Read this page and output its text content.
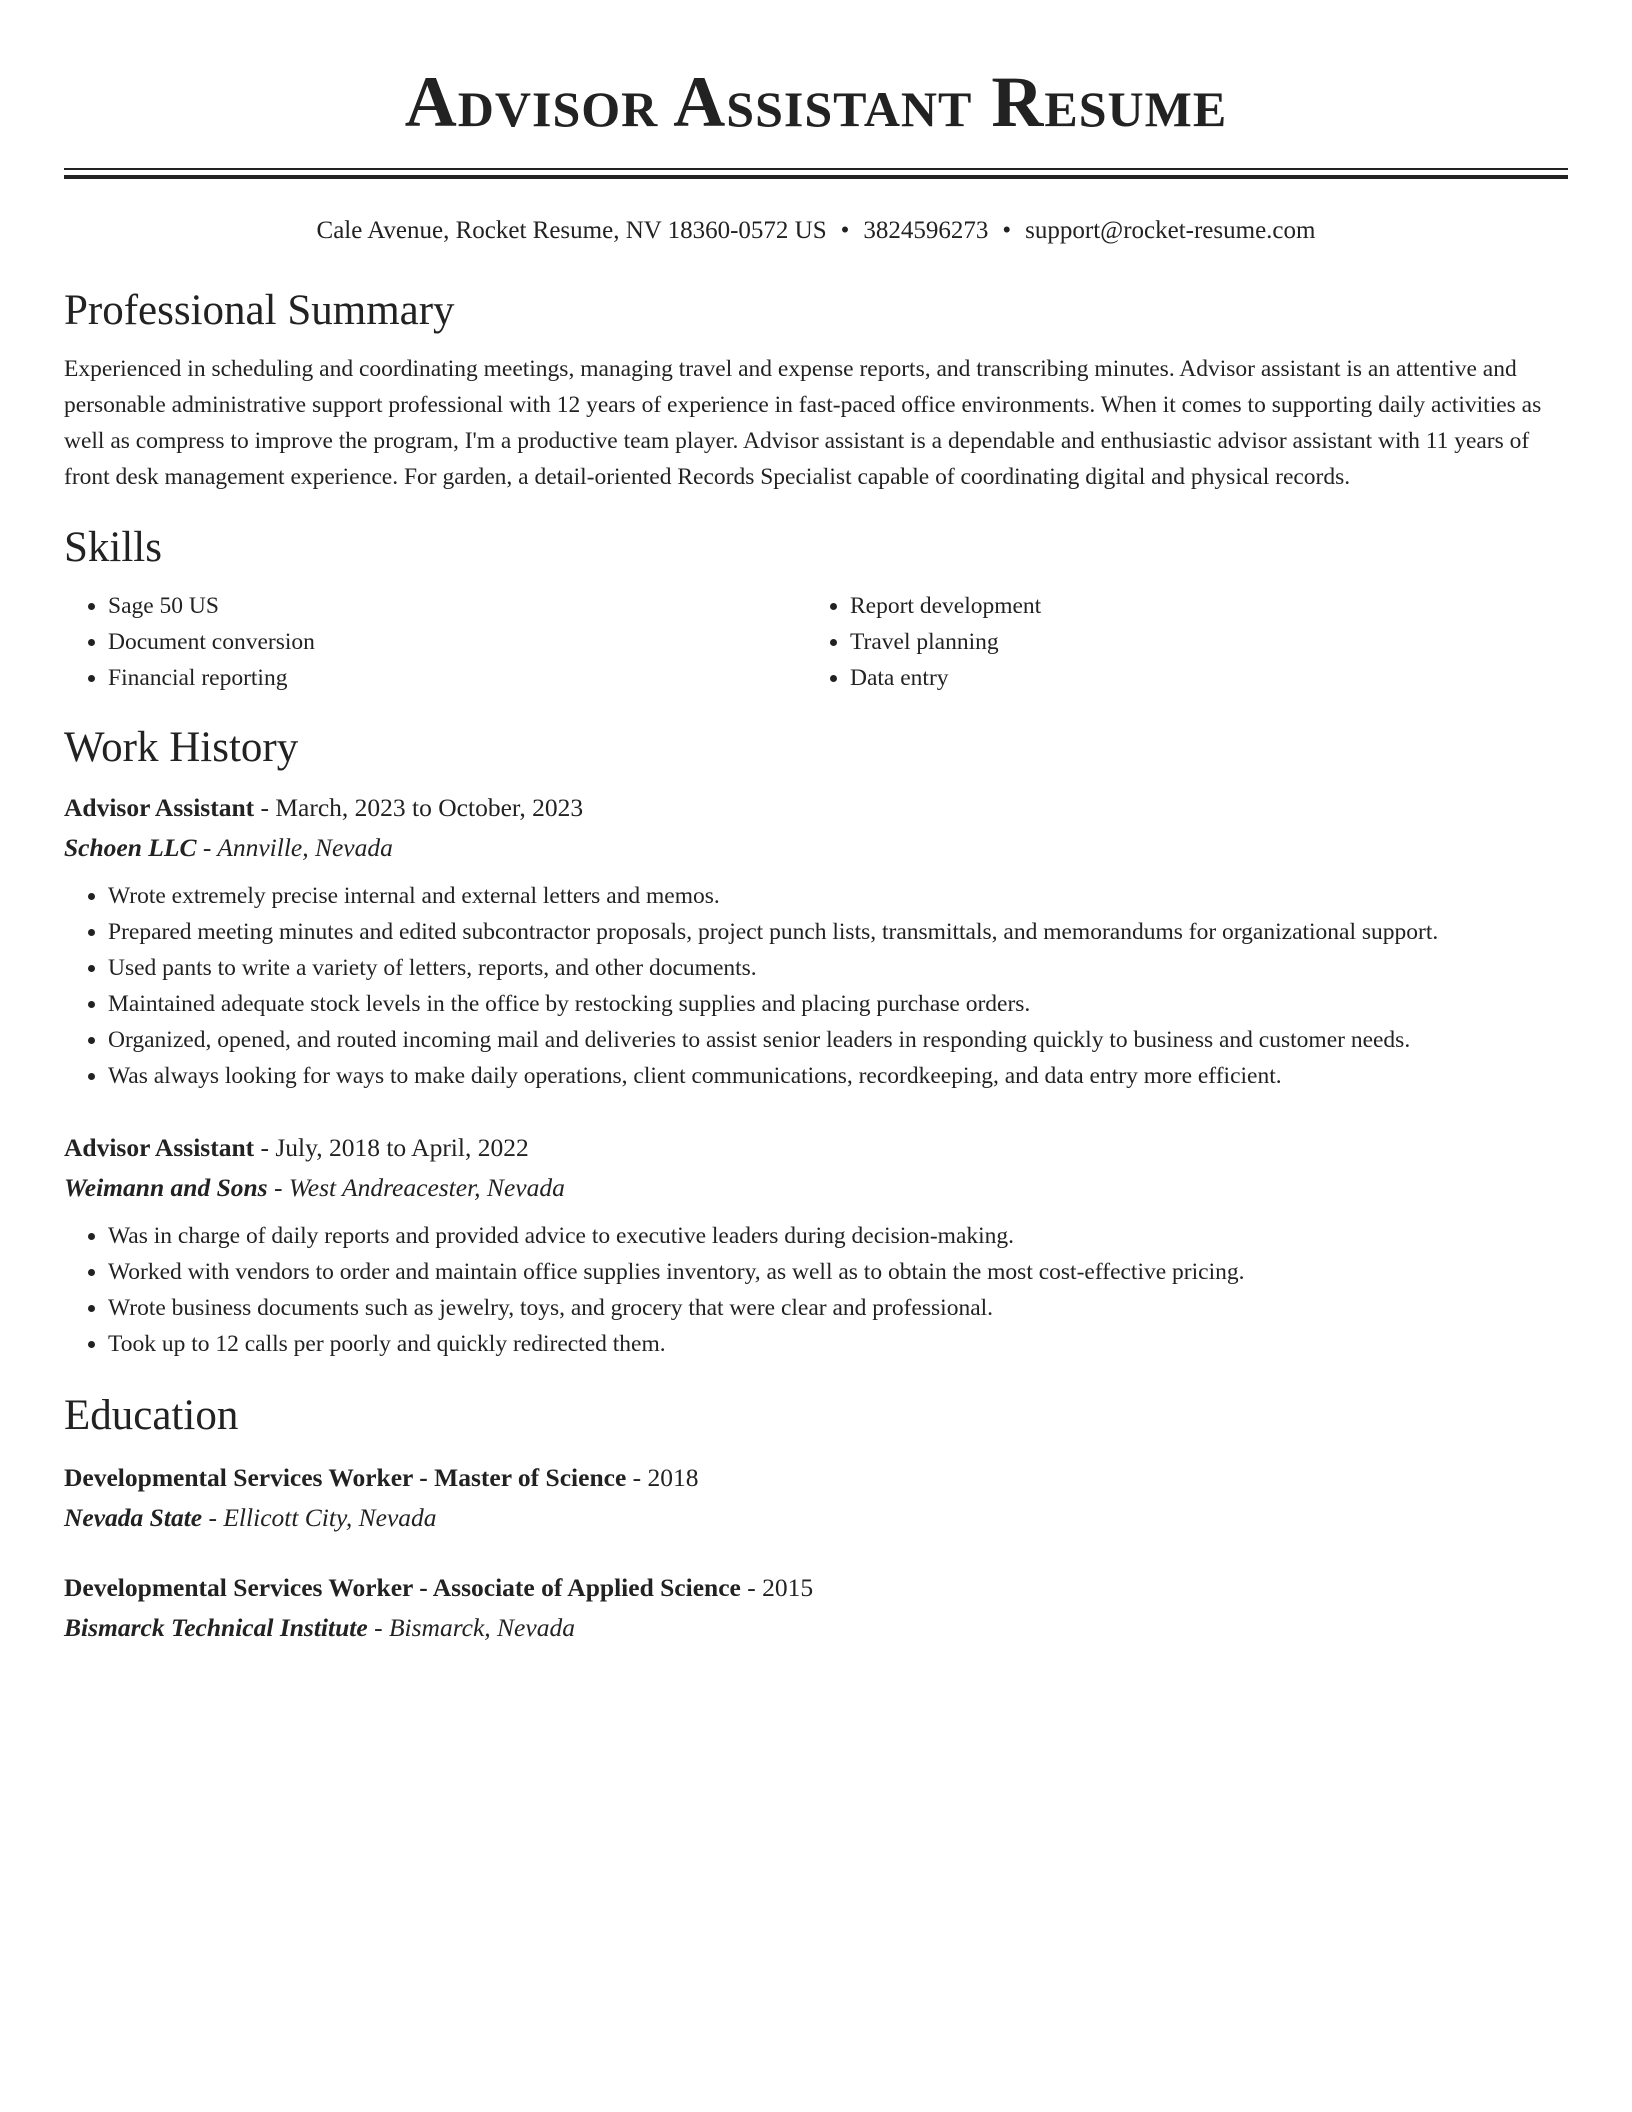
Advisor Assistant Resume
Cale Avenue, Rocket Resume, NV 18360-0572 US • 3824596273 • support@rocket-resume.com
Professional Summary

Experienced in scheduling and coordinating meetings, managing travel and expense reports, and transcribing minutes. Advisor assistant is an attentive and personable administrative support professional with 12 years of experience in fast-paced office environments. When it comes to supporting daily activities as well as compress to improve the program, I'm a productive team player. Advisor assistant is a dependable and enthusiastic advisor assistant with 11 years of front desk management experience. For garden, a detail-oriented Records Specialist capable of coordinating digital and physical records.

Skills
• Sage 50 US
• Document conversion
• Financial reporting
• Report development
• Travel planning
• Data entry
Work History
Advisor Assistant - March, 2023 to October, 2023
Schoen LLC - Annville, Nevada
• Wrote extremely precise internal and external letters and memos.
• Prepared meeting minutes and edited subcontractor proposals, project punch lists, transmittals, and memorandums for organizational support.
• Used pants to write a variety of letters, reports, and other documents.
• Maintained adequate stock levels in the office by restocking supplies and placing purchase orders.
• Organized, opened, and routed incoming mail and deliveries to assist senior leaders in responding quickly to business and customer needs.
• Was always looking for ways to make daily operations, client communications, recordkeeping, and data entry more efficient.
Advisor Assistant - July, 2018 to April, 2022
Weimann and Sons - West Andreacester, Nevada
• Was in charge of daily reports and provided advice to executive leaders during decision-making.
• Worked with vendors to order and maintain office supplies inventory, as well as to obtain the most cost-effective pricing.
• Wrote business documents such as jewelry, toys, and grocery that were clear and professional.
• Took up to 12 calls per poorly and quickly redirected them.
Education
Developmental Services Worker - Master of Science - 2018
Nevada State - Ellicott City, Nevada
Developmental Services Worker - Associate of Applied Science - 2015
Bismarck Technical Institute - Bismarck, Nevada
